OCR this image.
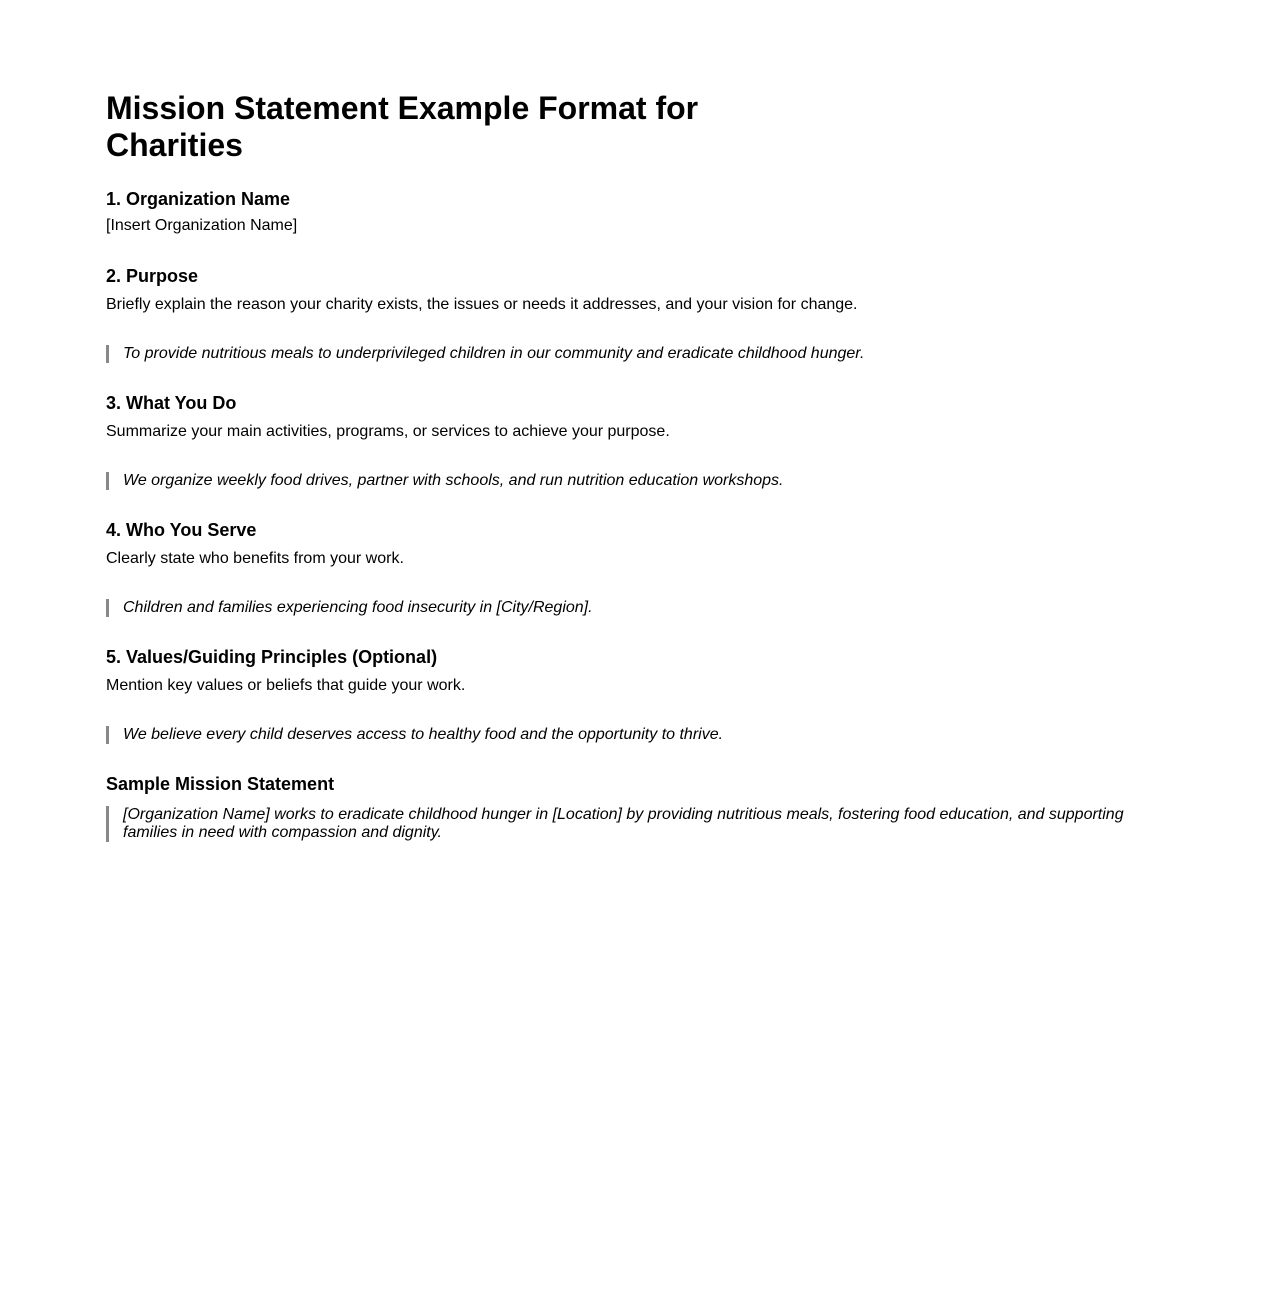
Mission Statement Example Format for Charities
1. Organization Name

[Insert Organization Name]

2. Purpose

Briefly explain the reason your charity exists, the issues or needs it addresses, and your vision for change.

To provide nutritious meals to underprivileged children in our community and eradicate childhood hunger.
3. What You Do

Summarize your main activities, programs, or services to achieve your purpose.

We organize weekly food drives, partner with schools, and run nutrition education workshops.
4. Who You Serve

Clearly state who benefits from your work.

Children and families experiencing food insecurity in [City/Region].
5. Values/Guiding Principles (Optional)

Mention key values or beliefs that guide your work.

We believe every child deserves access to healthy food and the opportunity to thrive.
Sample Mission Statement
[Organization Name] works to eradicate childhood hunger in [Location] by providing nutritious meals, fostering food education, and supporting families in need with compassion and dignity.
